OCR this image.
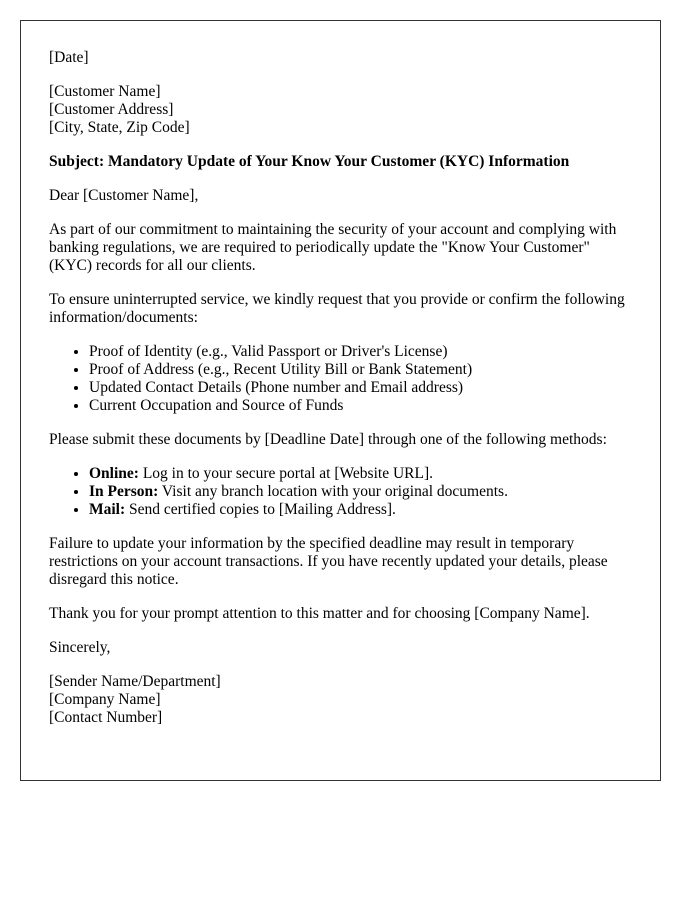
[Date]

[Customer Name]
[Customer Address]
[City, State, Zip Code]

Subject: Mandatory Update of Your Know Your Customer (KYC) Information

Dear [Customer Name],

As part of our commitment to maintaining the security of your account and complying with banking regulations, we are required to periodically update the "Know Your Customer" (KYC) records for all our clients.

To ensure uninterrupted service, we kindly request that you provide or confirm the following information/documents:

• Proof of Identity (e.g., Valid Passport or Driver's License)
• Proof of Address (e.g., Recent Utility Bill or Bank Statement)
• Updated Contact Details (Phone number and Email address)
• Current Occupation and Source of Funds

Please submit these documents by [Deadline Date] through one of the following methods:

• Online: Log in to your secure portal at [Website URL].
• In Person: Visit any branch location with your original documents.
• Mail: Send certified copies to [Mailing Address].

Failure to update your information by the specified deadline may result in temporary restrictions on your account transactions. If you have recently updated your details, please disregard this notice.

Thank you for your prompt attention to this matter and for choosing [Company Name].

Sincerely,

[Sender Name/Department]
[Company Name]
[Contact Number]
